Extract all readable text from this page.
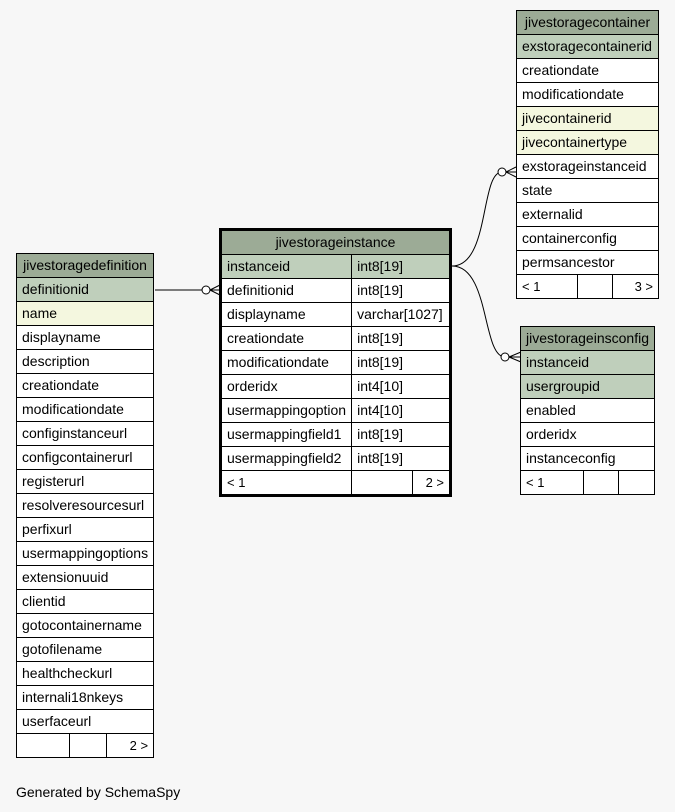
jivestoragedefinition
definitionid
name
displayname
description
creationdate
modificationdate
configinstanceurl
configcontainerurl
registerurl
resolveresourcesurl
perfixurl
usermappingoptions
extensionuuid
clientid
gotocontainername
gotofilename
healthcheckurl
internali18nkeys
userfaceurl
		2 >
jivestorageinstance		
instanceid	int8[19]	
definitionid	int8[19]	
displayname	varchar[1027]	
creationdate	int8[19]	
modificationdate	int8[19]	
orderidx	int4[10]	
usermappingoption	int4[10]	
usermappingfield1	int8[19]	
usermappingfield2	int8[19]	
< 1		2 >
jivestoragecontainer
exstoragecontainerid
creationdate
modificationdate
jivecontainerid
jivecontainertype
exstorageinstanceid
state
externalid
containerconfig
permsancestor
< 1		3 >
jivestorageinsconfig
instanceid
usergroupid
enabled
orderidx
instanceconfig
< 1		
Generated by SchemaSpy
